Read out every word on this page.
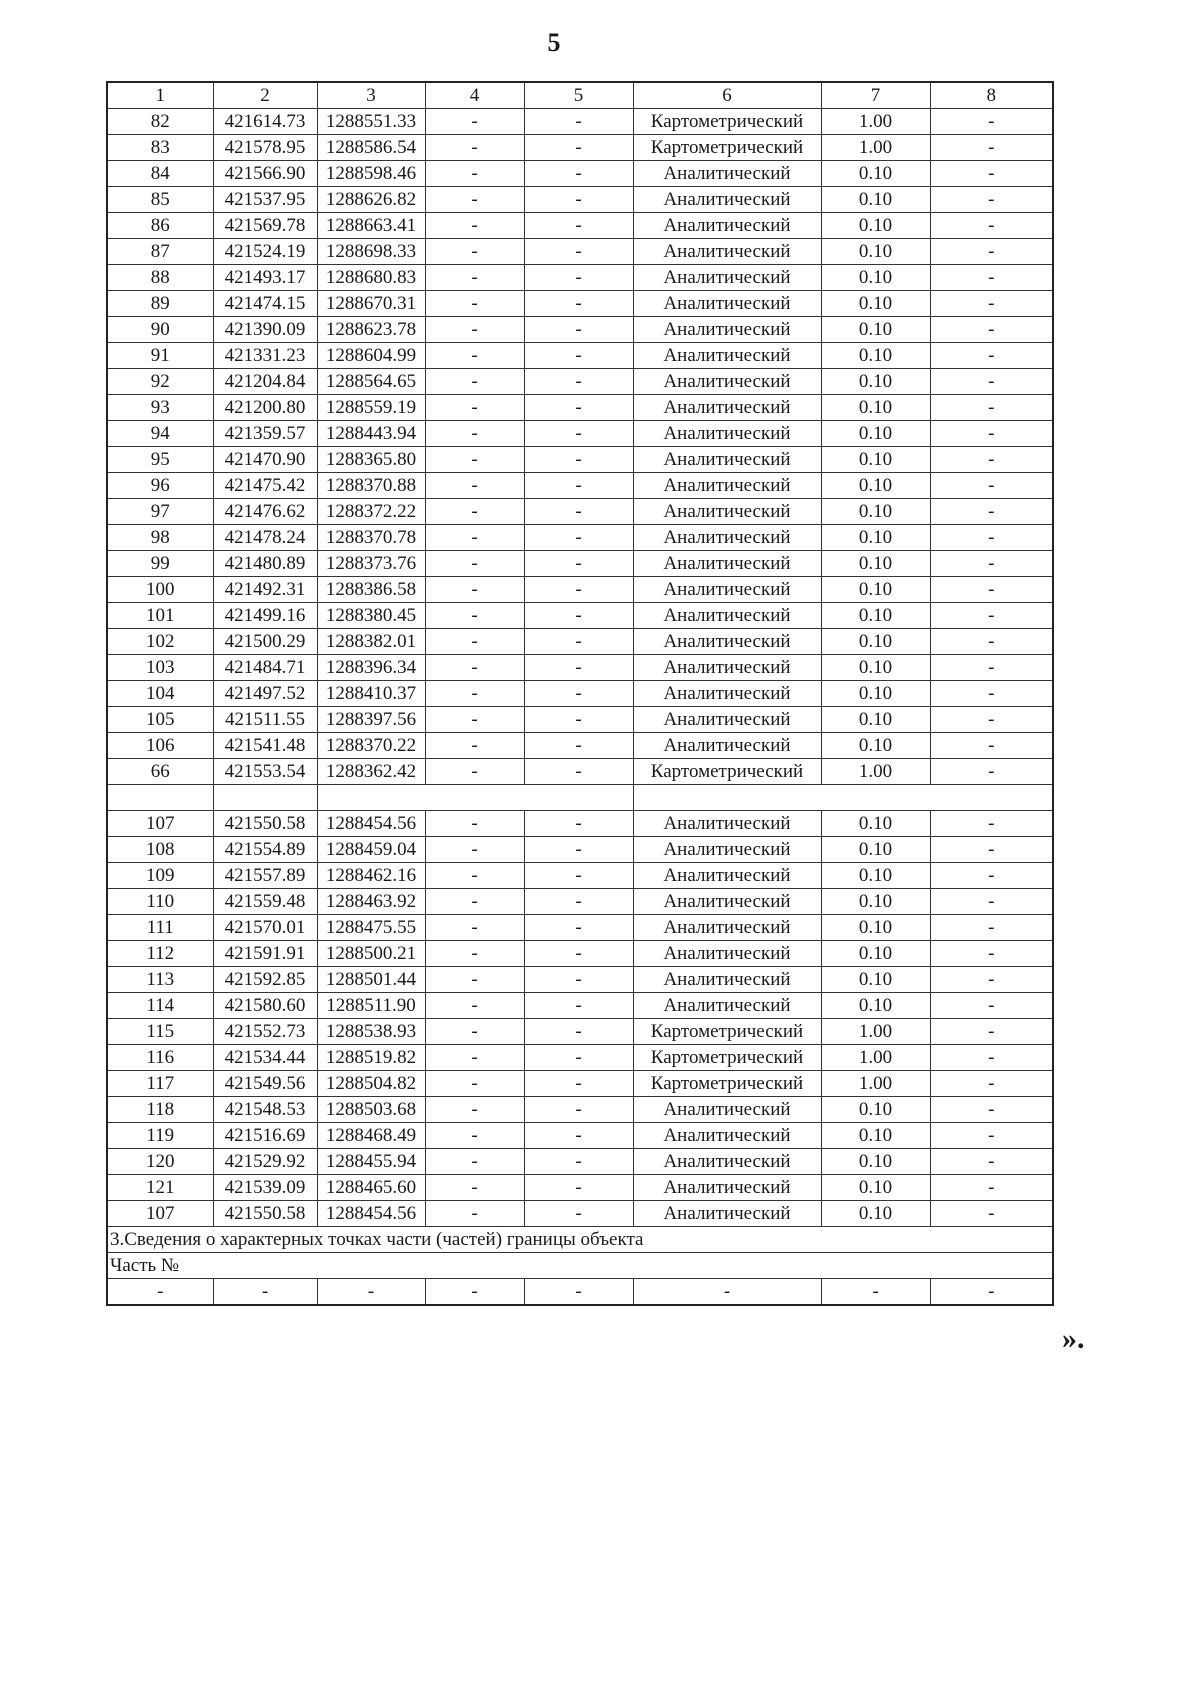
5
1	2	3	4	5	6	7	8
82	421614.73	1288551.33	-	-	Картометрический	1.00	-
83	421578.95	1288586.54	-	-	Картометрический	1.00	-
84	421566.90	1288598.46	-	-	Аналитический	0.10	-
85	421537.95	1288626.82	-	-	Аналитический	0.10	-
86	421569.78	1288663.41	-	-	Аналитический	0.10	-
87	421524.19	1288698.33	-	-	Аналитический	0.10	-
88	421493.17	1288680.83	-	-	Аналитический	0.10	-
89	421474.15	1288670.31	-	-	Аналитический	0.10	-
90	421390.09	1288623.78	-	-	Аналитический	0.10	-
91	421331.23	1288604.99	-	-	Аналитический	0.10	-
92	421204.84	1288564.65	-	-	Аналитический	0.10	-
93	421200.80	1288559.19	-	-	Аналитический	0.10	-
94	421359.57	1288443.94	-	-	Аналитический	0.10	-
95	421470.90	1288365.80	-	-	Аналитический	0.10	-
96	421475.42	1288370.88	-	-	Аналитический	0.10	-
97	421476.62	1288372.22	-	-	Аналитический	0.10	-
98	421478.24	1288370.78	-	-	Аналитический	0.10	-
99	421480.89	1288373.76	-	-	Аналитический	0.10	-
100	421492.31	1288386.58	-	-	Аналитический	0.10	-
101	421499.16	1288380.45	-	-	Аналитический	0.10	-
102	421500.29	1288382.01	-	-	Аналитический	0.10	-
103	421484.71	1288396.34	-	-	Аналитический	0.10	-
104	421497.52	1288410.37	-	-	Аналитический	0.10	-
105	421511.55	1288397.56	-	-	Аналитический	0.10	-
106	421541.48	1288370.22	-	-	Аналитический	0.10	-
66	421553.54	1288362.42	-	-	Картометрический	1.00	-

107	421550.58	1288454.56	-	-	Аналитический	0.10	-
108	421554.89	1288459.04	-	-	Аналитический	0.10	-
109	421557.89	1288462.16	-	-	Аналитический	0.10	-
110	421559.48	1288463.92	-	-	Аналитический	0.10	-
111	421570.01	1288475.55	-	-	Аналитический	0.10	-
112	421591.91	1288500.21	-	-	Аналитический	0.10	-
113	421592.85	1288501.44	-	-	Аналитический	0.10	-
114	421580.60	1288511.90	-	-	Аналитический	0.10	-
115	421552.73	1288538.93	-	-	Картометрический	1.00	-
116	421534.44	1288519.82	-	-	Картометрический	1.00	-
117	421549.56	1288504.82	-	-	Картометрический	1.00	-
118	421548.53	1288503.68	-	-	Аналитический	0.10	-
119	421516.69	1288468.49	-	-	Аналитический	0.10	-
120	421529.92	1288455.94	-	-	Аналитический	0.10	-
121	421539.09	1288465.60	-	-	Аналитический	0.10	-
107	421550.58	1288454.56	-	-	Аналитический	0.10	-
3.Сведения о характерных точках части (частей) границы объекта							
Часть №							
-	-	-	-	-	-	-	-
».
